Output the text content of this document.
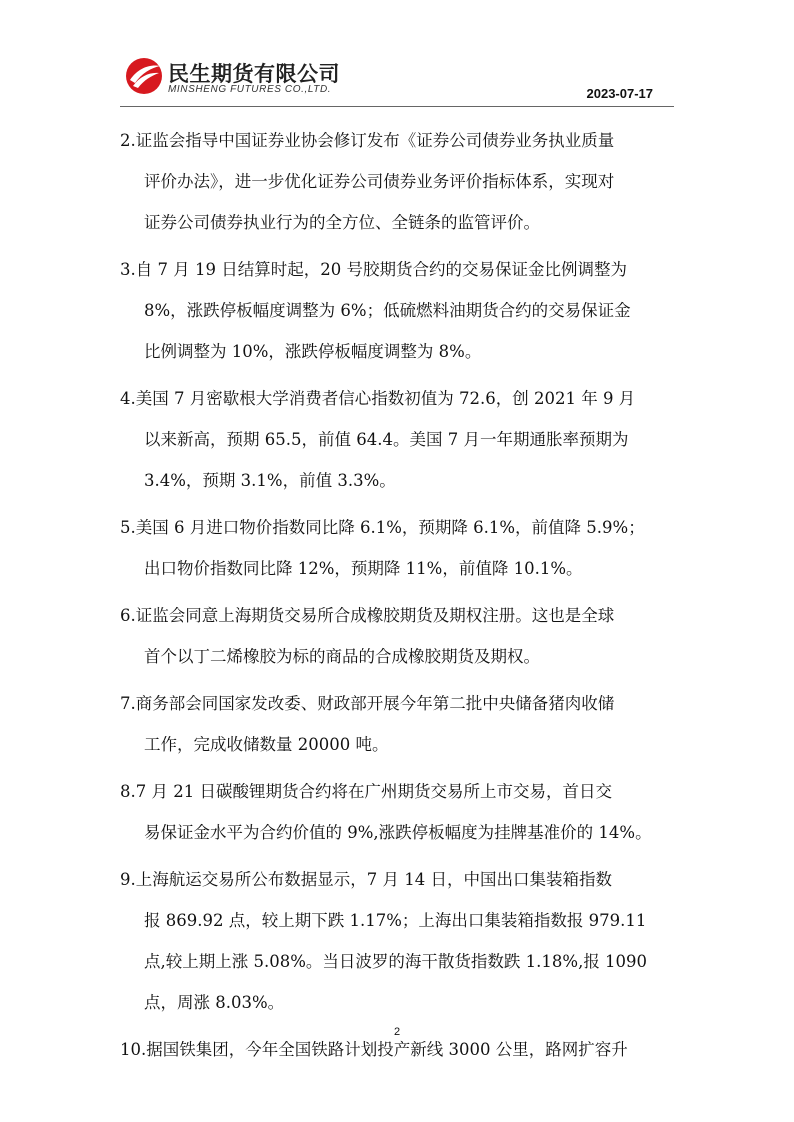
民生期货有限公司
MINSHENG FUTURES CO.,LTD.	2023-07-17
2.证监会指导中国证券业协会修订发布《证券公司债券业务执业质量
评价办法》，进一步优化证券公司债券业务评价指标体系，实现对
证券公司债券执业行为的全方位、全链条的监管评价。
3.自 7 月 19 日结算时起，20 号胶期货合约的交易保证金比例调整为
8%，涨跌停板幅度调整为 6%；低硫燃料油期货合约的交易保证金
比例调整为 10%，涨跌停板幅度调整为 8%。
4.美国 7 月密歇根大学消费者信心指数初值为 72.6，创 2021 年 9 月
以来新高，预期 65.5，前值 64.4。美国 7 月一年期通胀率预期为
3.4%，预期 3.1%，前值 3.3%。
5.美国 6 月进口物价指数同比降 6.1%，预期降 6.1%，前值降 5.9%；
出口物价指数同比降 12%，预期降 11%，前值降 10.1%。
6.证监会同意上海期货交易所合成橡胶期货及期权注册。这也是全球
首个以丁二烯橡胶为标的商品的合成橡胶期货及期权。
7.商务部会同国家发改委、财政部开展今年第二批中央储备猪肉收储
工作，完成收储数量 20000 吨。
8.7 月 21 日碳酸锂期货合约将在广州期货交易所上市交易，首日交
易保证金水平为合约价值的 9%,涨跌停板幅度为挂牌基准价的 14%。
9.上海航运交易所公布数据显示，7 月 14 日，中国出口集装箱指数
报 869.92 点，较上期下跌 1.17%；上海出口集装箱指数报 979.11
点,较上期上涨 5.08%。当日波罗的海干散货指数跌 1.18%,报 1090
点，周涨 8.03%。
10.据国铁集团，今年全国铁路计划投产新线 3000 公里，路网扩容升
2
